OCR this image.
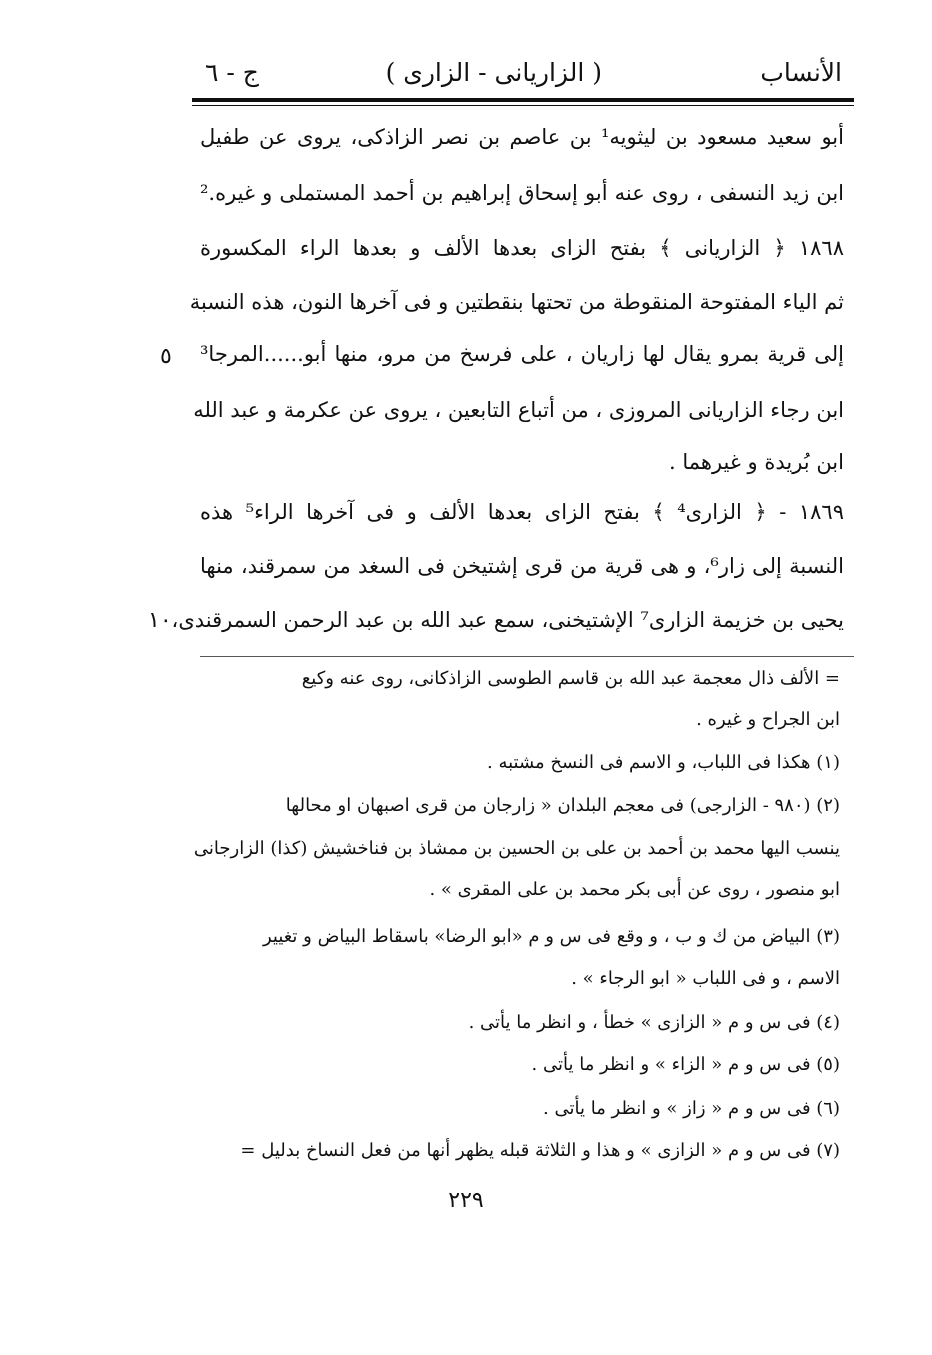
الأنساب
( الزاريانى - الزارى )
ج - ٦
أبو سعيد مسعود بن ليثويه¹ بن عاصم بن نصر الزاذكى، يروى عن طفيل
ابن زيد النسفى ، روى عنه أبو إسحاق إبراهيم بن أحمد المستملى و غيره.²
١٨٦٨ ﴿ الزاريانى ﴾ بفتح الزاى بعدها الألف و بعدها الراء المكسورة
ثم الياء المفتوحة المنقوطة من تحتها بنقطتين و فى آخرها النون، هذه النسبة
إلى قرية بمرو يقال لها زاريان ، على فرسخ من مرو، منها أبو......المرجا³
ابن رجاء الزاريانى المروزى ، من أتباع التابعين ، يروى عن عكرمة و عبد الله
ابن بُريدة و غيرهما .
١٨٦٩ - ﴿ الزارى⁴ ﴾ بفتح الزاى بعدها الألف و فى آخرها الراء⁵ هذه
النسبة إلى زار⁶، و هى قرية من قرى إشتيخن فى السغد من سمرقند، منها
يحيى بن خزيمة الزارى⁷ الإشتيخنى، سمع عبد الله بن عبد الرحمن السمرقندى،
٥
١٠
= الألف ذال معجمة عبد الله بن قاسم الطوسى الزاذكانى، روى عنه وكيع
ابن الجراح و غيره .
(١) هكذا فى اللباب، و الاسم فى النسخ مشتبه .
(٢) (٩٨٠ - الزارجى) فى معجم البلدان « زارجان من قرى اصبهان او محالها
ينسب اليها محمد بن أحمد بن على بن الحسين بن ممشاذ بن فناخشيش (كذا) الزارجانى
ابو منصور ، روى عن أبى بكر محمد بن على المقرى » .
(٣) البياض من ك و ب ، و وقع فى س و م «ابو الرضا» باسقاط البياض و تغيير
الاسم ، و فى اللباب « ابو الرجاء » .
(٤) فى س و م « الزازى » خطأ ، و انظر ما يأتى .
(٥) فى س و م « الزاء » و انظر ما يأتى .
(٦) فى س و م « زاز » و انظر ما يأتى .
(٧) فى س و م « الزازى » و هذا و الثلاثة قبله يظهر أنها من فعل النساخ بدليل =
٢٢٩
